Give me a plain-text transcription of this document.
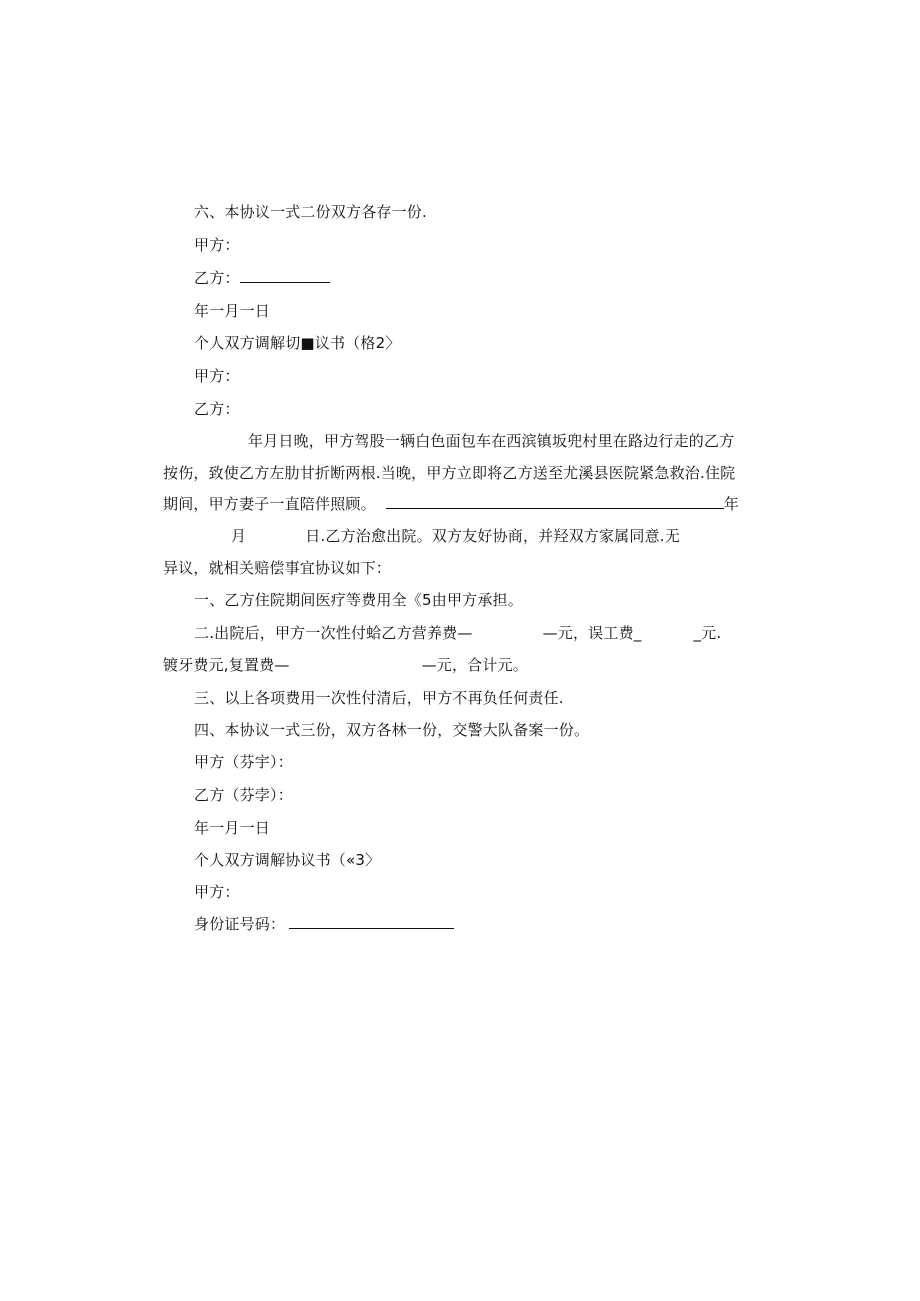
六、本协议一式二份双方各存一份.
甲方：
乙方：
年一月一日
个人双方调解切■议书（格2〉
甲方：
乙方：
年月日晚，甲方驾股一辆白色面包车在西滨镇坂兜村里在路边行走的乙方
按伤，致使乙方左肋甘折断两根.当晚，甲方立即将乙方送至尤溪县医院紧急救治.住院
期间，甲方妻子一直陪伴照顾。	年
月	日.乙方治愈出院。双方友好协商，并羟双方家属同意.无
异议，就相关赔偿事宜协议如下：
一、乙方住院期间医疗等费用全《5由甲方承担。
二.出院后，甲方一次性付蛤乙方营养费—	—元，误工费_	_元.
镀牙费元,复置费—	—元，合计元。
三、以上各项费用一次性付清后，甲方不再负任何责任.
四、本协议一式三份，双方各林一份，交警大队备案一份。
甲方（芬宇）：
乙方（芬孛）：
年一月一日
个人双方调解协议书（«3〉
甲方：
身份证号码：
